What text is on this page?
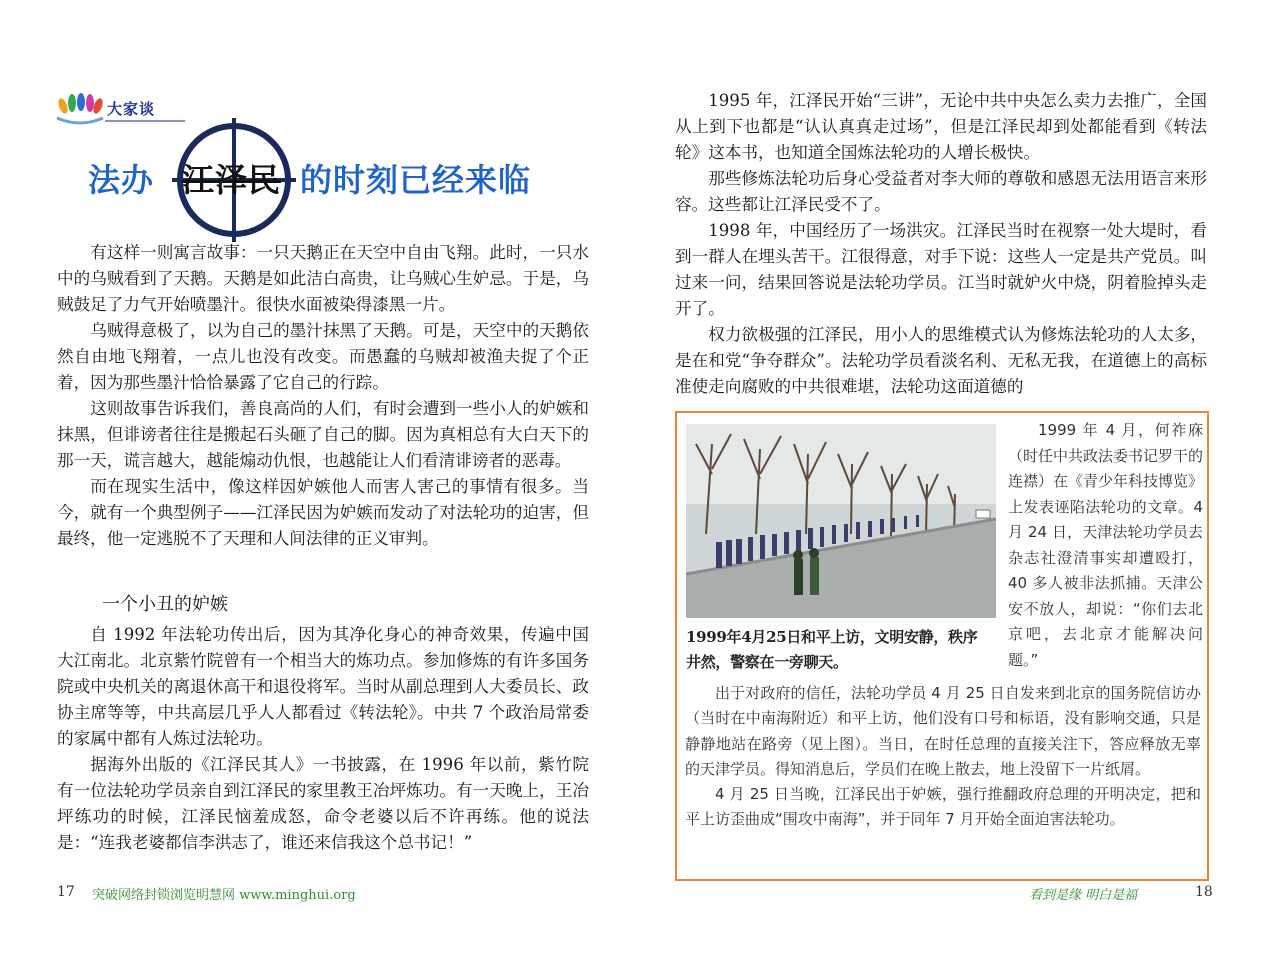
大家谈
法办 江泽民 的时刻已经来临

有这样一则寓言故事：一只天鹅正在天空中自由飞翔。此时，一只水中的乌贼看到了天鹅。天鹅是如此洁白高贵，让乌贼心生妒忌。于是，乌贼鼓足了力气开始喷墨汁。很快水面被染得漆黑一片。

乌贼得意极了，以为自己的墨汁抹黑了天鹅。可是，天空中的天鹅依然自由地飞翔着，一点儿也没有改变。而愚蠢的乌贼却被渔夫捉了个正着，因为那些墨汁恰恰暴露了它自己的行踪。

这则故事告诉我们，善良高尚的人们，有时会遭到一些小人的妒嫉和抹黑，但诽谤者往往是搬起石头砸了自己的脚。因为真相总有大白天下的那一天，谎言越大，越能煽动仇恨，也越能让人们看清诽谤者的恶毒。

而在现实生活中，像这样因妒嫉他人而害人害己的事情有很多。当今，就有一个典型例子——江泽民因为妒嫉而发动了对法轮功的迫害，但最终，他一定逃脱不了天理和人间法律的正义审判。

一个小丑的妒嫉

自 1992 年法轮功传出后，因为其净化身心的神奇效果，传遍中国大江南北。北京紫竹院曾有一个相当大的炼功点。参加修炼的有许多国务院或中央机关的离退休高干和退役将军。当时从副总理到人大委员长、政协主席等等，中共高层几乎人人都看过《转法轮》。中共 7 个政治局常委的家属中都有人炼过法轮功。

据海外出版的《江泽民其人》一书披露，在 1996 年以前，紫竹院有一位法轮功学员亲自到江泽民的家里教王冶坪炼功。有一天晚上，王冶坪练功的时候，江泽民恼羞成怒，命令老婆以后不许再练。他的说法是：“连我老婆都信李洪志了，谁还来信我这个总书记！”

17 突破网络封锁浏览明慧网 www.minghui.org

1995 年，江泽民开始“三讲”，无论中共中央怎么卖力去推广，全国从上到下也都是“认认真真走过场”，但是江泽民却到处都能看到《转法轮》这本书，也知道全国炼法轮功的人增长极快。

那些修炼法轮功后身心受益者对李大师的尊敬和感恩无法用语言来形容。这些都让江泽民受不了。

1998 年，中国经历了一场洪灾。江泽民当时在视察一处大堤时，看到一群人在埋头苦干。江很得意，对手下说：这些人一定是共产党员。叫过来一问，结果回答说是法轮功学员。江当时就妒火中烧，阴着脸掉头走开了。

权力欲极强的江泽民，用小人的思维模式认为修炼法轮功的人太多，是在和党“争夺群众”。法轮功学员看淡名利、无私无我，在道德上的高标准使走向腐败的中共很难堪，法轮功这面道德的

1999年4月25日和平上访，文明安静，秩序井然，警察在一旁聊天。
1999 年 4 月，何祚庥（时任中共政法委书记罗干的连襟）在《青少年科技博览》上发表诬陷法轮功的文章。4 月 24 日，天津法轮功学员去杂志社澄清事实却遭殴打，40 多人被非法抓捕。天津公安不放人，却说：“你们去北京吧，去北京才能解决问题。”

出于对政府的信任，法轮功学员 4 月 25 日自发来到北京的国务院信访办（当时在中南海附近）和平上访，他们没有口号和标语，没有影响交通，只是静静地站在路旁（见上图）。当日，在时任总理的直接关注下，答应释放无辜的天津学员。得知消息后，学员们在晚上散去，地上没留下一片纸屑。

4 月 25 日当晚，江泽民出于妒嫉，强行推翻政府总理的开明决定，把和平上访歪曲成“围攻中南海”，并于同年 7 月开始全面迫害法轮功。

看到是缘 明白是福	18
